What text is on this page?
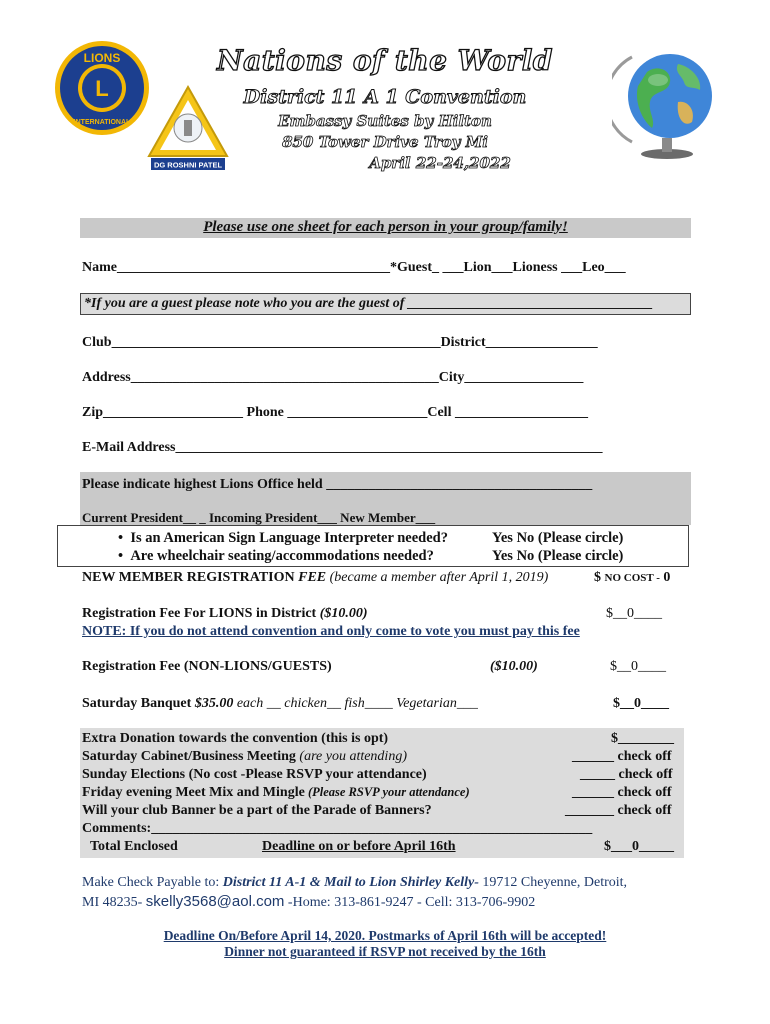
L
LIONS
INTERNATIONAL
DG ROSHNI PATEL
Nations of the World
District 11 A 1 Convention
Embassy Suites by Hilton
850 Tower Drive Troy Mi
April 22-24,2022
Please use one sheet for each person in your group/family!
Name_______________________________________*Guest_ ___Lion___Lioness ___Leo___
*If you are a guest please note who you are the guest of ___________________________________
Club_______________________________________________District________________
Address____________________________________________City_________________
Zip____________________ Phone ____________________Cell ___________________
E-Mail Address_____________________________________________________________
Please indicate highest Lions Office held ______________________________________
Current President__ _ Incoming President___ New Member___
•  Is an American Sign Language Interpreter needed?	Yes No (Please circle)
•  Are wheelchair seating/accommodations needed?	Yes No (Please circle)
NEW MEMBER REGISTRATION FEE (became a member after April 1, 2019)	$ NO COST - 0
Registration Fee For LIONS in District ($10.00)	$__0____
NOTE: If you do not attend convention and only come to vote you must pay this fee
Registration Fee (NON-LIONS/GUESTS)	($10.00)	$__0____
Saturday Banquet $35.00 each __ chicken__ fish____ Vegetarian___	$__0____
Extra Donation towards the convention (this is opt)	$________
Saturday Cabinet/Business Meeting (are you attending)	______ check off
Sunday Elections (No cost -Please RSVP your attendance)	_____ check off
Friday evening Meet Mix and Mingle (Please RSVP your attendance)	______ check off
Will your club Banner be a part of the Parade of Banners?	_______ check off
Comments:_______________________________________________________________
Total Enclosed	Deadline on or before April 16th	$___0_____
Make Check Payable to: District 11 A-1 & Mail to Lion Shirley Kelly- 19712 Cheyenne, Detroit,
MI 48235- skelly3568@aol.com -Home: 313-861-9247 - Cell: 313-706-9902
Deadline On/Before April 14, 2020. Postmarks of April 16th will be accepted!
Dinner not guaranteed if RSVP not received by the 16th
